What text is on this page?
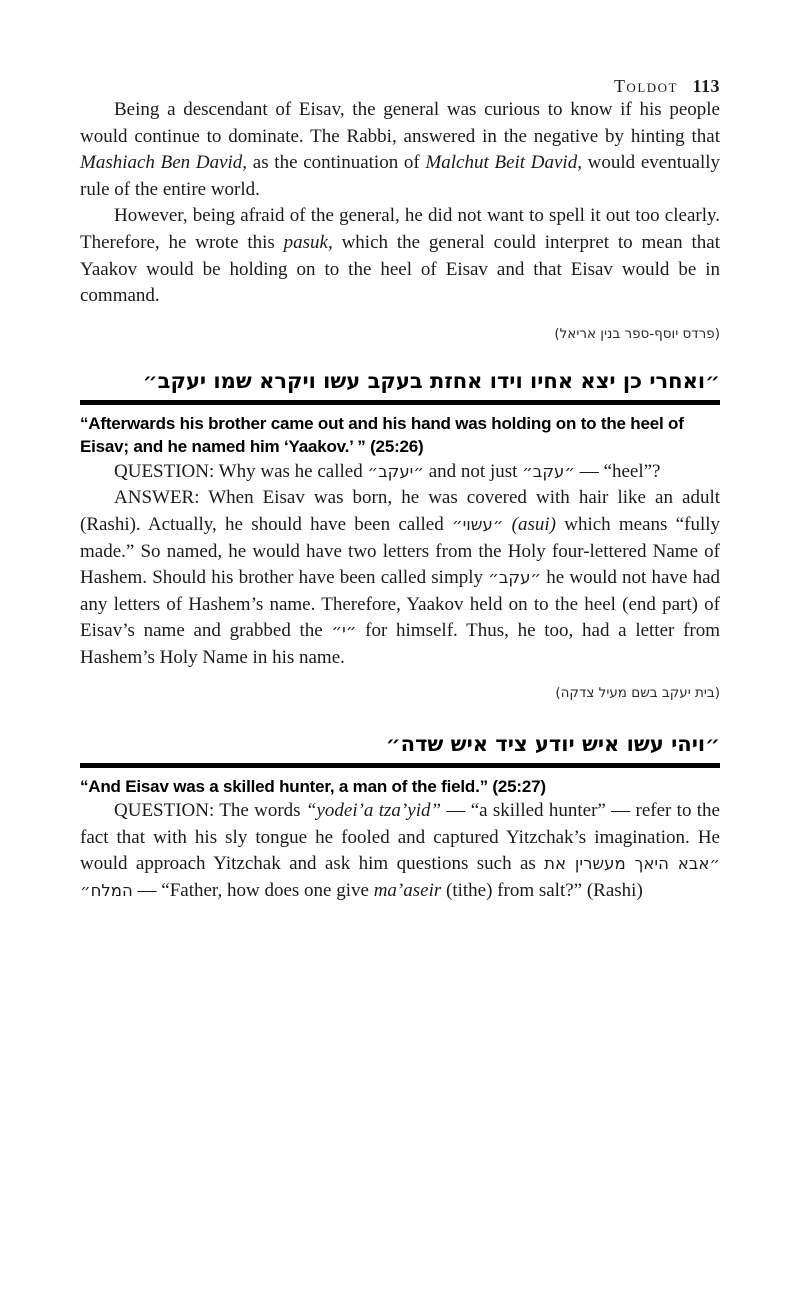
Toldot 113

Being a descendant of Eisav, the general was curious to know if his people would continue to dominate. The Rabbi, answered in the negative by hinting that Mashiach Ben David, as the continuation of Malchut Beit David, would eventually rule of the entire world.

However, being afraid of the general, he did not want to spell it out too clearly. Therefore, he wrote this pasuk, which the general could interpret to mean that Yaakov would be holding on to the heel of Eisav and that Eisav would be in command.

(פרדס יוסף-ספר בנין אריאל)

״ואחרי כן יצא אחיו וידו אחזת בעקב עשו ויקרא שמו יעקב״

“Afterwards his brother came out and his hand was holding on to the heel of Eisav; and he named him ‘Yaakov.’ ” (25:26)

QUESTION: Why was he called ״יעקב״ and not just ״עקב״ — “heel”?

ANSWER: When Eisav was born, he was covered with hair like an adult (Rashi). Actually, he should have been called ״עשוי״ (asui) which means “fully made.” So named, he would have two letters from the Holy four-lettered Name of Hashem. Should his brother have been called simply ״עקב״ he would not have had any letters of Hashem’s name. Therefore, Yaakov held on to the heel (end part) of Eisav’s name and grabbed the ״י״ for himself. Thus, he too, had a letter from Hashem’s Holy Name in his name.

(בית יעקב בשם מעיל צדקה)

״ויהי עשו איש יודע ציד איש שדה״

“And Eisav was a skilled hunter, a man of the field.” (25:27)

QUESTION: The words “yodei’a tza’yid” — “a skilled hunter” — refer to the fact that with his sly tongue he fooled and captured Yitzchak’s imagination. He would approach Yitzchak and ask him questions such as ״אבא היאך מעשרין את המלח״ — “Father, how does one give ma’aseir (tithe) from salt?” (Rashi)
